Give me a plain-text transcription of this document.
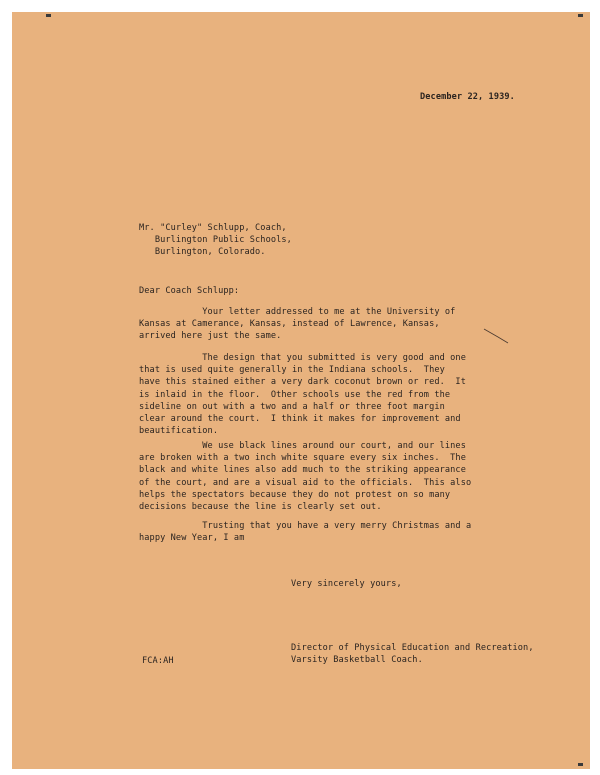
December 22, 1939.
Mr. "Curley" Schlupp, Coach,
Burlington Public Schools,
Burlington, Colorado.
Dear Coach Schlupp:
Your letter addressed to me at the University of
Kansas at Camerance, Kansas, instead of Lawrence, Kansas,
arrived here just the same.
The design that you submitted is very good and one
that is used quite generally in the Indiana schools.  They
have this stained either a very dark coconut brown or red.  It
is inlaid in the floor.  Other schools use the red from the
sideline on out with a two and a half or three foot margin
clear around the court.  I think it makes for improvement and
beautification.
We use black lines around our court, and our lines
are broken with a two inch white square every six inches.  The
black and white lines also add much to the striking appearance
of the court, and are a visual aid to the officials.  This also
helps the spectators because they do not protest on so many
decisions because the line is clearly set out.
Trusting that you have a very merry Christmas and a
happy New Year, I am
Very sincerely yours,
FCA:AH
Director of Physical Education and Recreation,
Varsity Basketball Coach.
